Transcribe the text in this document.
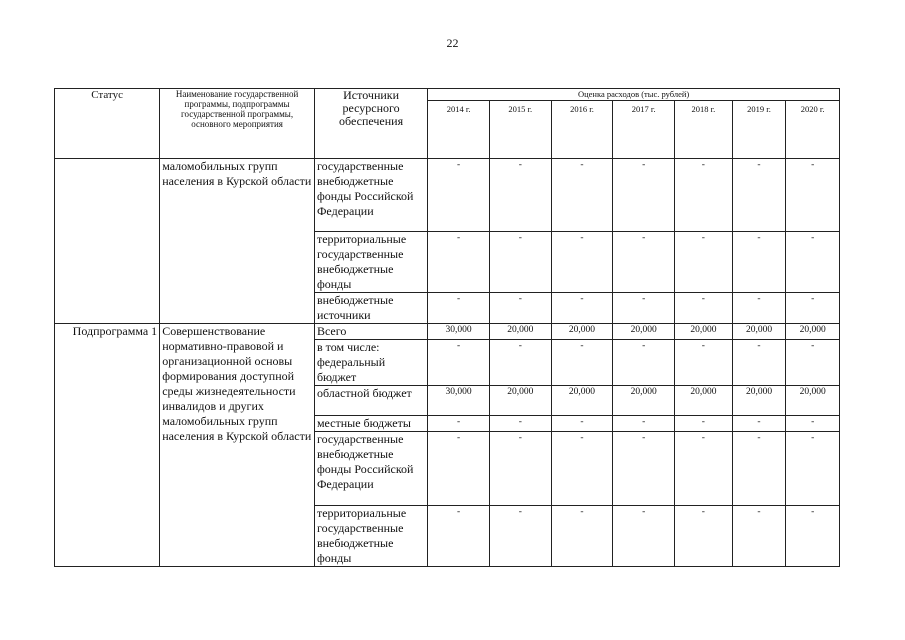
22
Статус	Наименование государственной программы, подпрограммы государственной программы, основного мероприятия	Источники ресурсного обеспечения	Оценка расходов (тыс. рублей)						
			2014 г.	2015 г.	2016 г.	2017 г.	2018 г.	2019 г.	2020 г.
	маломобильных групп населения в Курской области	государственные внебюджетные фонды Российской Федерации	-	-	-	-	-	-	-
		территориальные государственные внебюджетные фонды	-	-	-	-	-	-	-
		внебюджетные источники	-	-	-	-	-	-	-
Подпрограмма 1	Совершенствование нормативно-правовой и организационной основы формирования доступной среды жизнедеятельности инвалидов и других маломобильных групп населения в Курской области	Всего	30,000	20,000	20,000	20,000	20,000	20,000	20,000
		в том числе: федеральный бюджет	-	-	-	-	-	-	-
		областной бюджет	30,000	20,000	20,000	20,000	20,000	20,000	20,000
		местные бюджеты	-	-	-	-	-	-	-
		государственные внебюджетные фонды Российской Федерации	-	-	-	-	-	-	-
		территориальные государственные внебюджетные фонды	-	-	-	-	-	-	-
